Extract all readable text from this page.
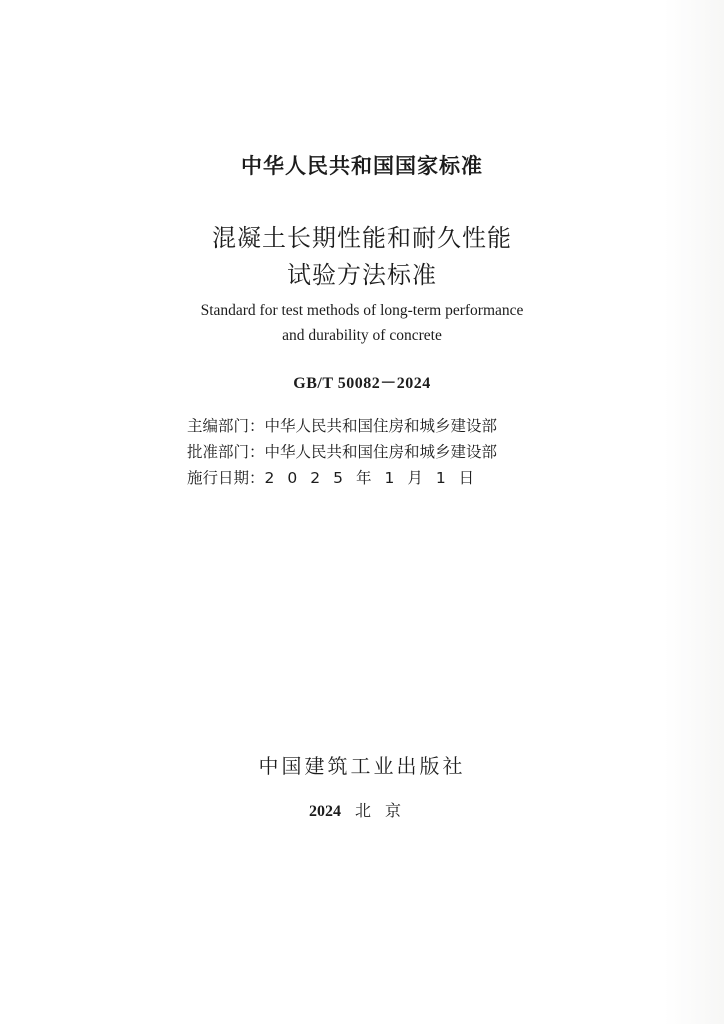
中华人民共和国国家标准
混凝土长期性能和耐久性能
试验方法标准
Standard for test methods of long-term performance
and durability of concrete
GB/T 50082－2024
主编部门：中华人民共和国住房和城乡建设部
批准部门：中华人民共和国住房和城乡建设部
施行日期：2025年1月1日
中国建筑工业出版社
2024 北京
